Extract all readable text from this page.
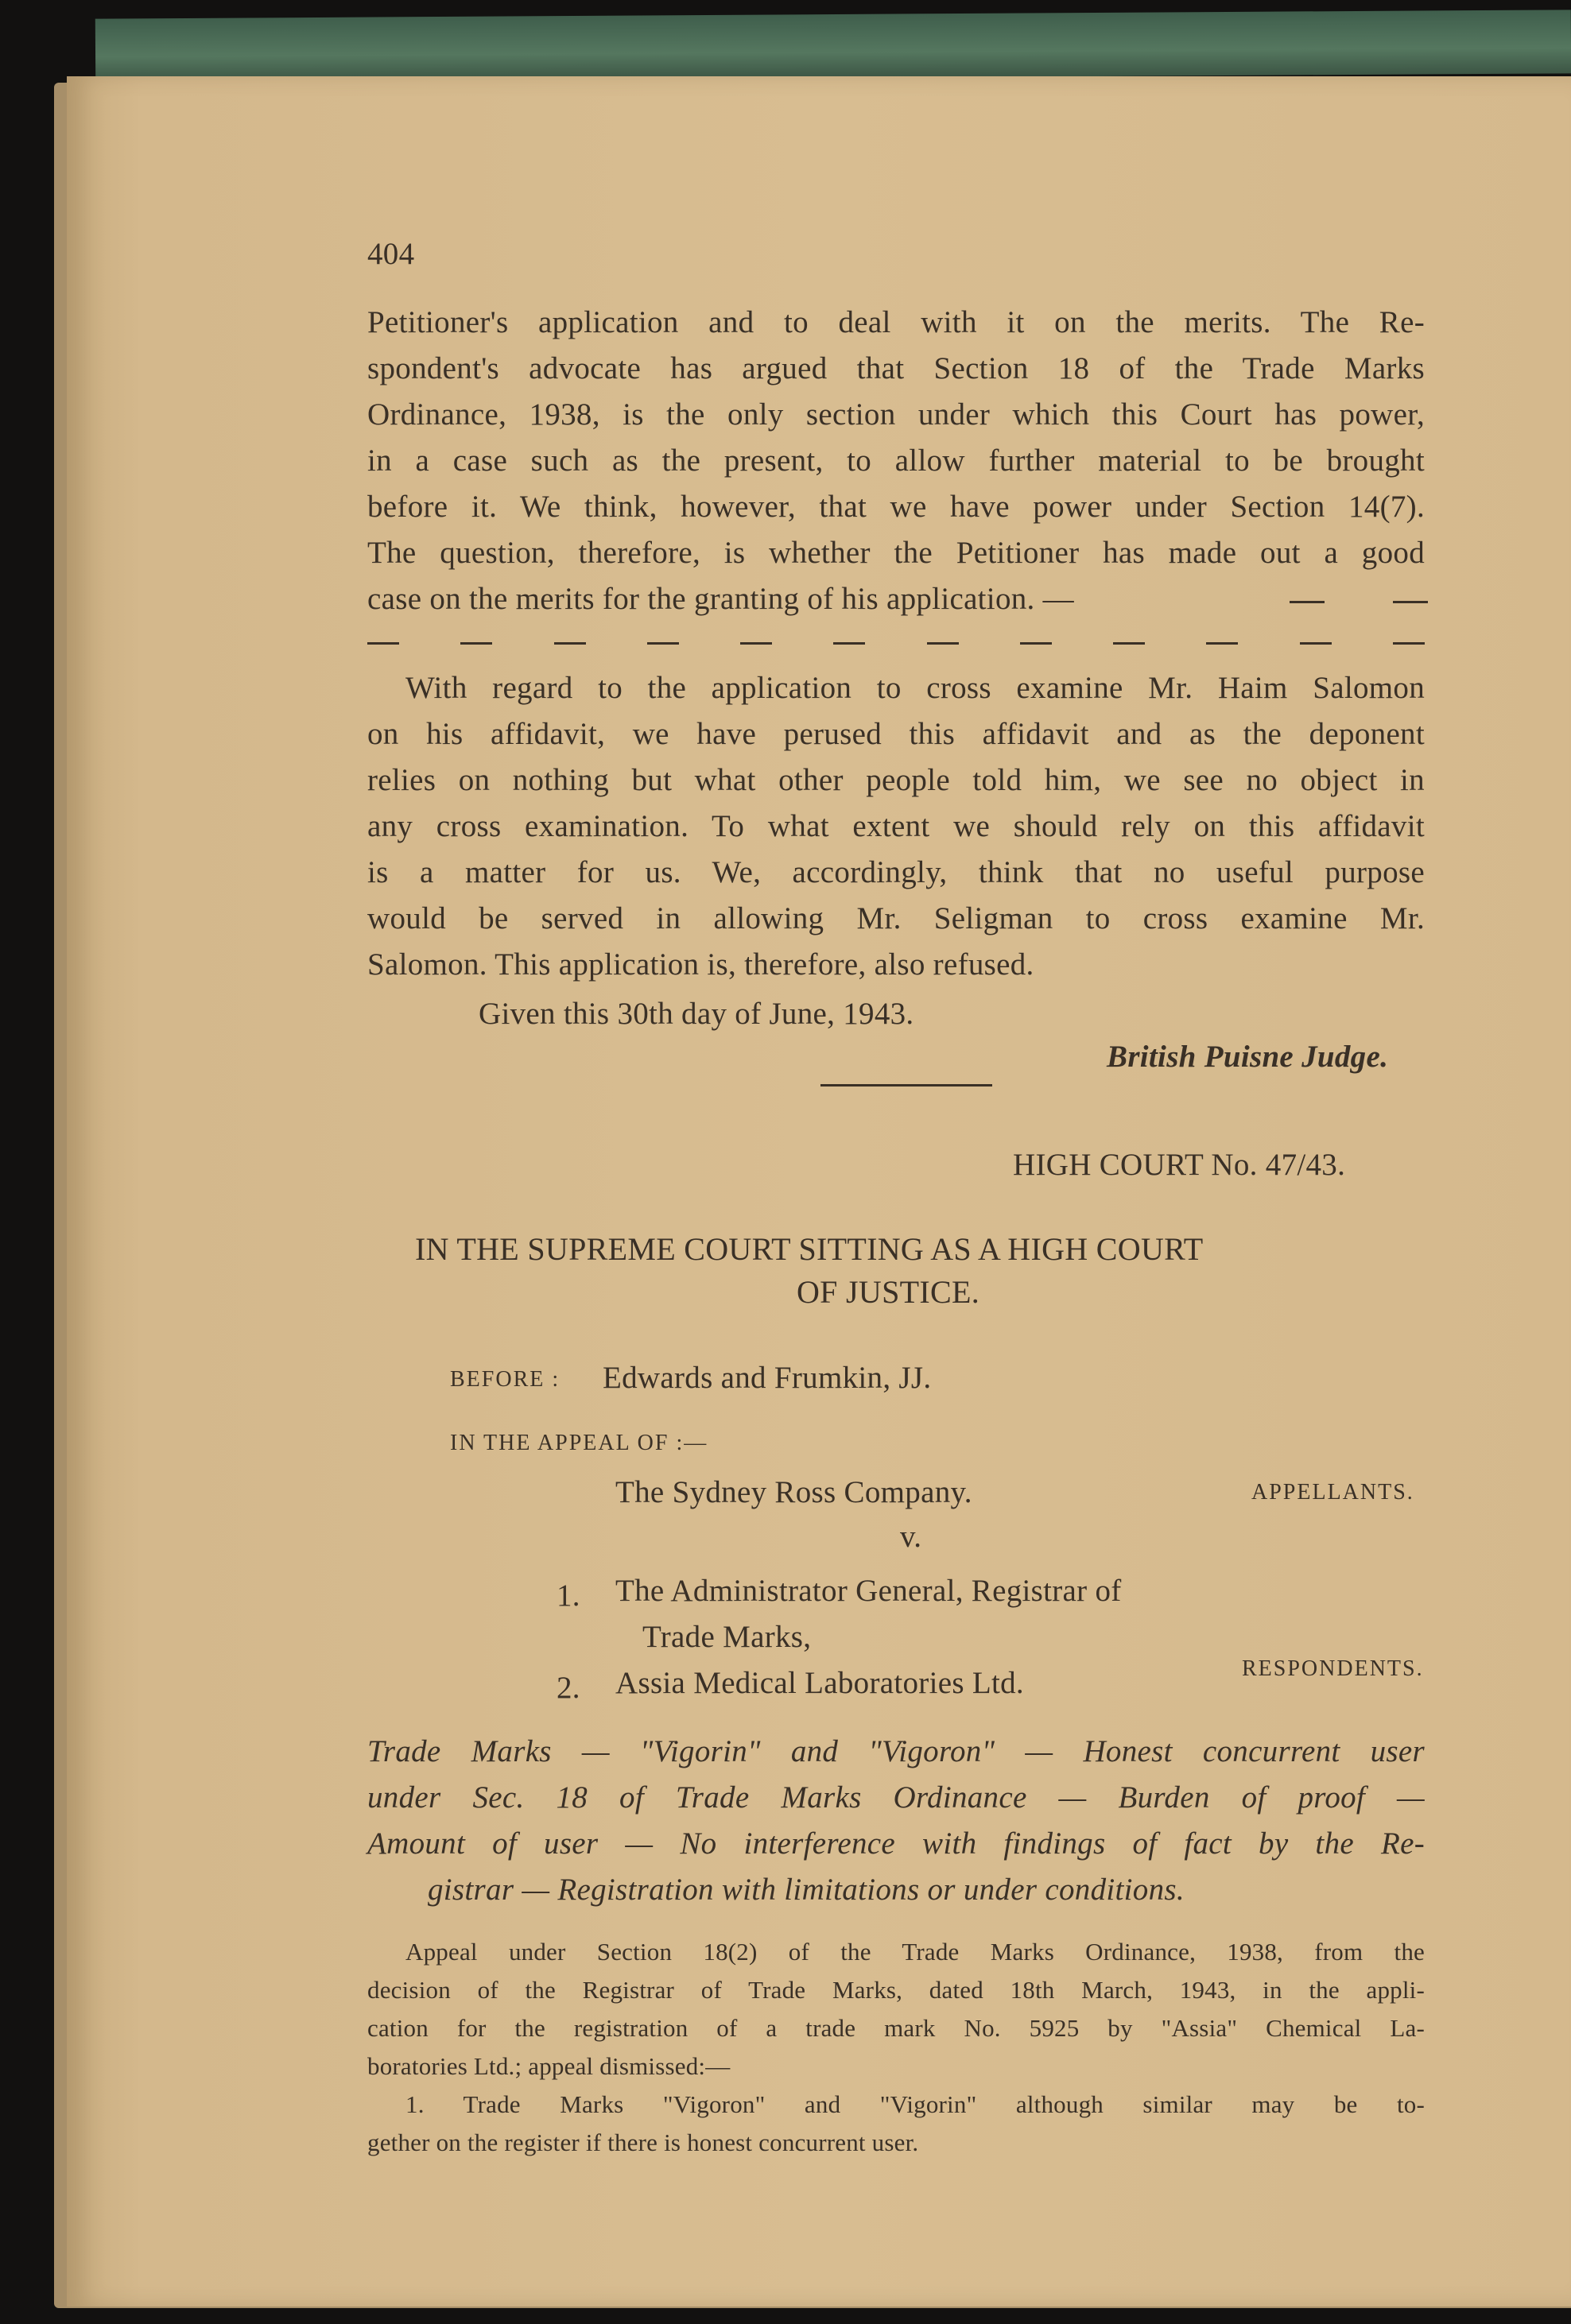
404
Petitioner's application and to deal with it on the merits. The Re-
spondent's advocate has argued that Section 18 of the Trade Marks
Ordinance, 1938, is the only section under which this Court has power,
in a case such as the present, to allow further material to be brought
before it. We think, however, that we have power under Section 14(7).
The question, therefore, is whether the Petitioner has made out a good
case on the merits for the granting of his application. —
With regard to the application to cross examine Mr. Haim Salomon
on his affidavit, we have perused this affidavit and as the deponent
relies on nothing but what other people told him, we see no object in
any cross examination. To what extent we should rely on this affidavit
is a matter for us. We, accordingly, think that no useful purpose
would be served in allowing Mr. Seligman to cross examine Mr.
Salomon. This application is, therefore, also refused.
Given this 30th day of June, 1943.
British Puisne Judge.
HIGH COURT No. 47/43.
IN THE SUPREME COURT SITTING AS A HIGH COURT
OF JUSTICE.
BEFORE : Edwards and Frumkin, JJ.
IN THE APPEAL OF :—
The Sydney Ross Company.	APPELLANTS.
v.
1. The Administrator General, Registrar of
Trade Marks,
2. Assia Medical Laboratories Ltd.	RESPONDENTS.
Trade Marks — "Vigorin" and "Vigoron" — Honest concurrent user
under Sec. 18 of Trade Marks Ordinance — Burden of proof —
Amount of user — No interference with findings of fact by the Re-
gistrar — Registration with limitations or under conditions.
Appeal under Section 18(2) of the Trade Marks Ordinance, 1938, from the
decision of the Registrar of Trade Marks, dated 18th March, 1943, in the appli-
cation for the registration of a trade mark No. 5925 by "Assia" Chemical La-
boratories Ltd.; appeal dismissed:—
1. Trade Marks "Vigoron" and "Vigorin" although similar may be to-
gether on the register if there is honest concurrent user.
